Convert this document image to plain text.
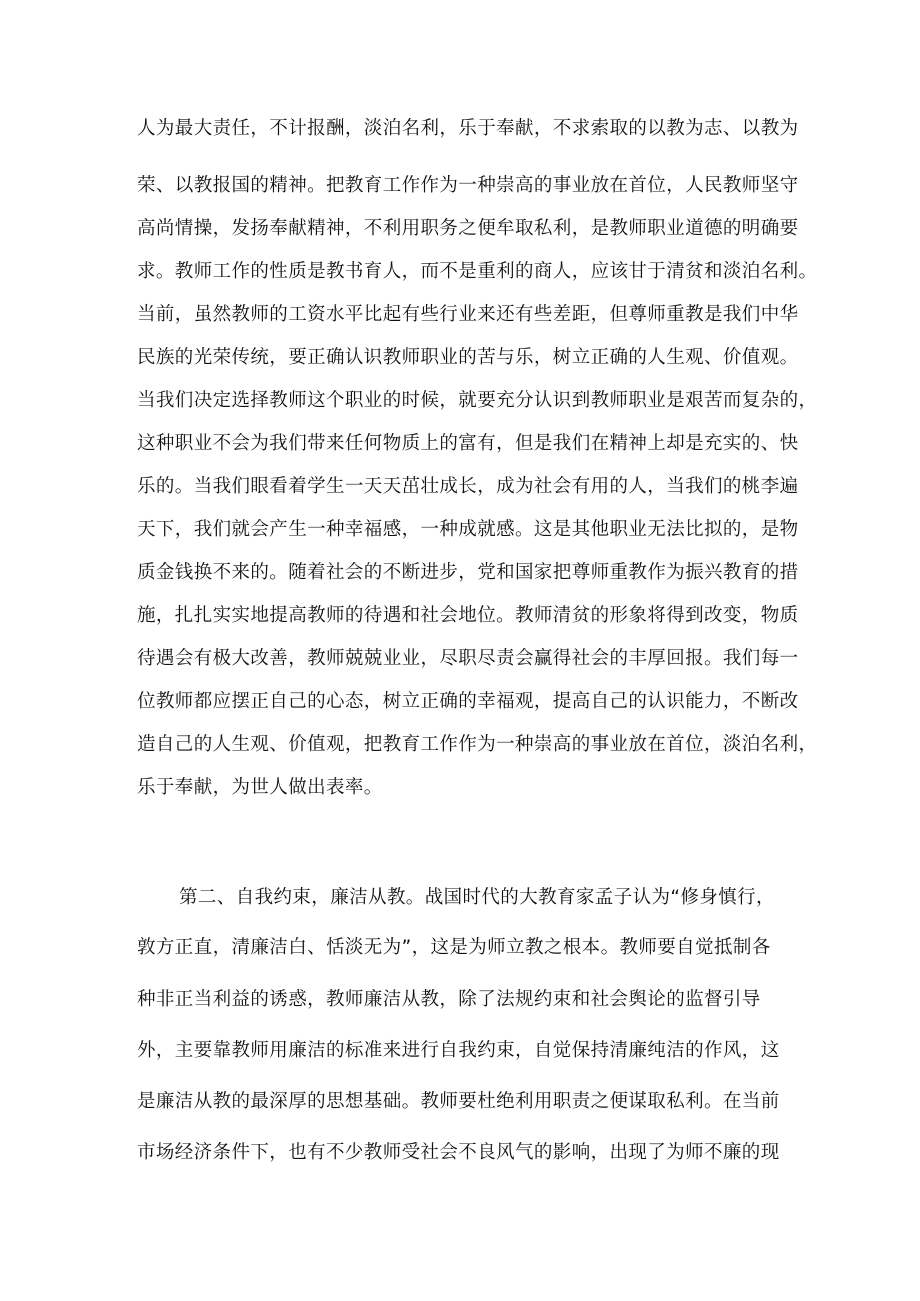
人为最大责任，不计报酬，淡泊名利，乐于奉献，不求索取的以教为志、以教为
荣、以教报国的精神。把教育工作作为一种崇高的事业放在首位，人民教师坚守
高尚情操，发扬奉献精神，不利用职务之便牟取私利，是教师职业道德的明确要
求。教师工作的性质是教书育人，而不是重利的商人，应该甘于清贫和淡泊名利。
当前，虽然教师的工资水平比起有些行业来还有些差距，但尊师重教是我们中华
民族的光荣传统，要正确认识教师职业的苦与乐，树立正确的人生观、价值观。
当我们决定选择教师这个职业的时候，就要充分认识到教师职业是艰苦而复杂的，
这种职业不会为我们带来任何物质上的富有，但是我们在精神上却是充实的、快
乐的。当我们眼看着学生一天天茁壮成长，成为社会有用的人，当我们的桃李遍
天下，我们就会产生一种幸福感，一种成就感。这是其他职业无法比拟的，是物
质金钱换不来的。随着社会的不断进步，党和国家把尊师重教作为振兴教育的措
施，扎扎实实地提高教师的待遇和社会地位。教师清贫的形象将得到改变，物质
待遇会有极大改善，教师兢兢业业，尽职尽责会赢得社会的丰厚回报。我们每一
位教师都应摆正自己的心态，树立正确的幸福观，提高自己的认识能力，不断改
造自己的人生观、价值观，把教育工作作为一种崇高的事业放在首位，淡泊名利，
乐于奉献，为世人做出表率。
第二、自我约束，廉洁从教。战国时代的大教育家孟子认为“修身慎行，
敦方正直，清廉洁白、恬淡无为”，这是为师立教之根本。教师要自觉抵制各
种非正当利益的诱惑，教师廉洁从教，除了法规约束和社会舆论的监督引导
外，主要靠教师用廉洁的标准来进行自我约束，自觉保持清廉纯洁的作风，这
是廉洁从教的最深厚的思想基础。教师要杜绝利用职责之便谋取私利。在当前
市场经济条件下，也有不少教师受社会不良风气的影响，出现了为师不廉的现
